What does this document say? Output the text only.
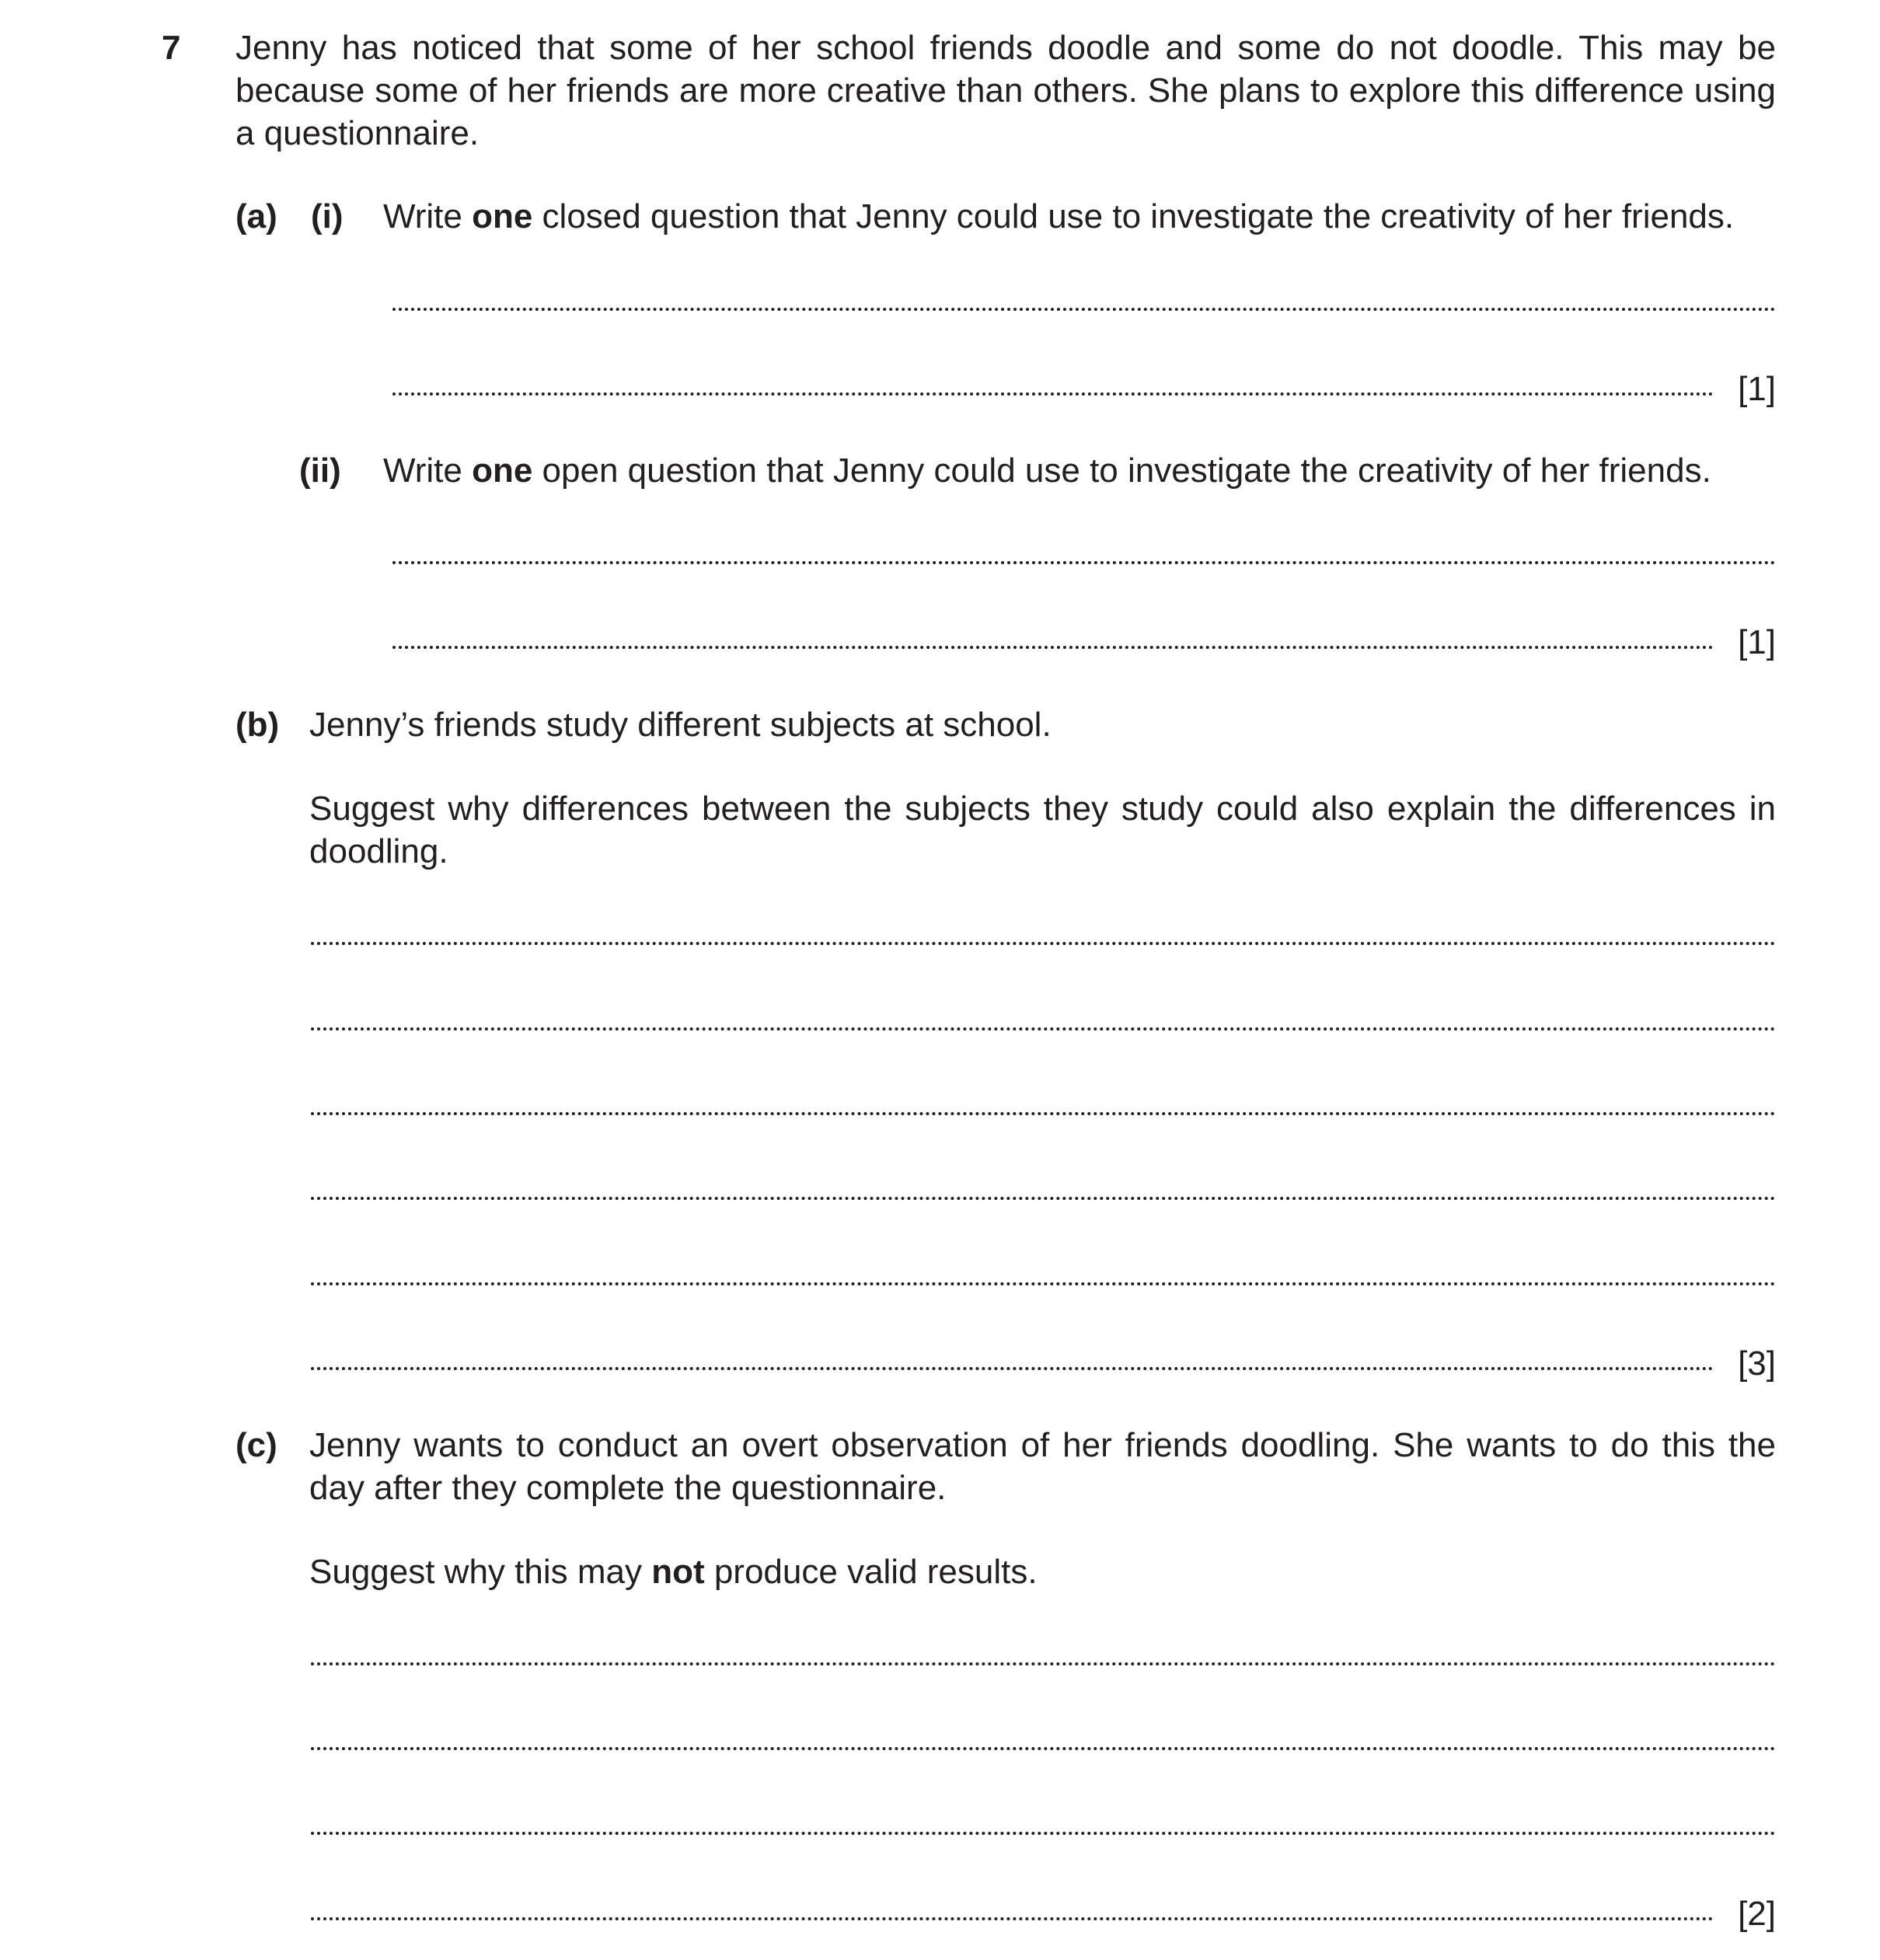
7 Jenny has noticed that some of her school friends doodle and some do not doodle. This may be because some of her friends are more creative than others. She plans to explore this difference using a questionnaire.
(a) (i) Write one closed question that Jenny could use to investigate the creativity of her friends.
[1]
(ii) Write one open question that Jenny could use to investigate the creativity of her friends.
[1]
(b) Jenny’s friends study different subjects at school.
Suggest why differences between the subjects they study could also explain the differences in doodling.
[3]
(c) Jenny wants to conduct an overt observation of her friends doodling. She wants to do this the day after they complete the questionnaire.
Suggest why this may not produce valid results.
[2]
